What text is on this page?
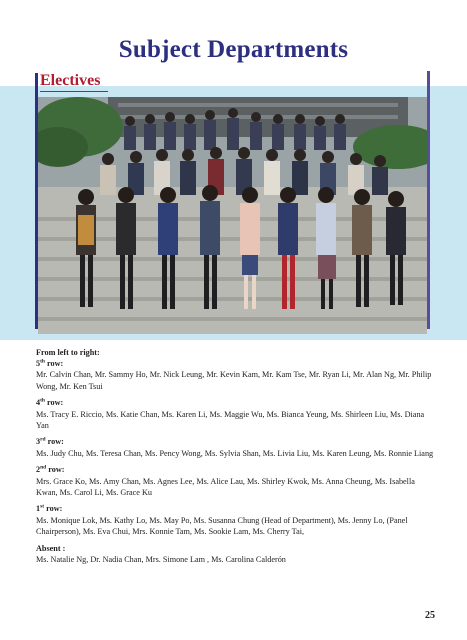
Subject Departments
Electives
From left to right:
5th row:
Mr. Calvin Chan, Mr. Sammy Ho, Mr. Nick Leung, Mr. Kevin Kam, Mr. Kam Tse, Mr. Ryan Li, Mr. Alan Ng, Mr. Philip Wong, Mr. Ken Tsui
4th row:
Ms. Tracy E. Riccio, Ms. Katie Chan, Ms. Karen Li, Ms. Maggie Wu, Ms. Bianca Yeung, Ms. Shirleen Liu, Ms. Diana Yan
3rd row:
Ms. Judy Chu, Ms. Teresa Chan, Ms. Pency Wong, Ms. Sylvia Shan, Ms. Livia Liu, Ms. Karen Leung, Ms. Ronnie Liang
2nd row:
Mrs. Grace Ko, Ms. Amy Chan, Ms. Agnes Lee, Ms. Alice Lau, Ms. Shirley Kwok, Ms. Anna Cheung, Ms. Isabella Kwan, Ms. Carol Li, Ms. Grace Ku
1st row:
Ms. Monique Lok, Ms. Kathy Lo, Ms. May Po, Ms. Susanna Chung (Head of Department), Ms. Jenny Lo, (Panel Chairperson), Ms. Eva Chui, Mrs. Konnie Tam, Ms. Sookie Lam, Ms. Cherry Tai,
Absent :
Ms. Natalie Ng, Dr. Nadia Chan, Mrs. Simone Lam , Ms. Carolina Calderón
25
